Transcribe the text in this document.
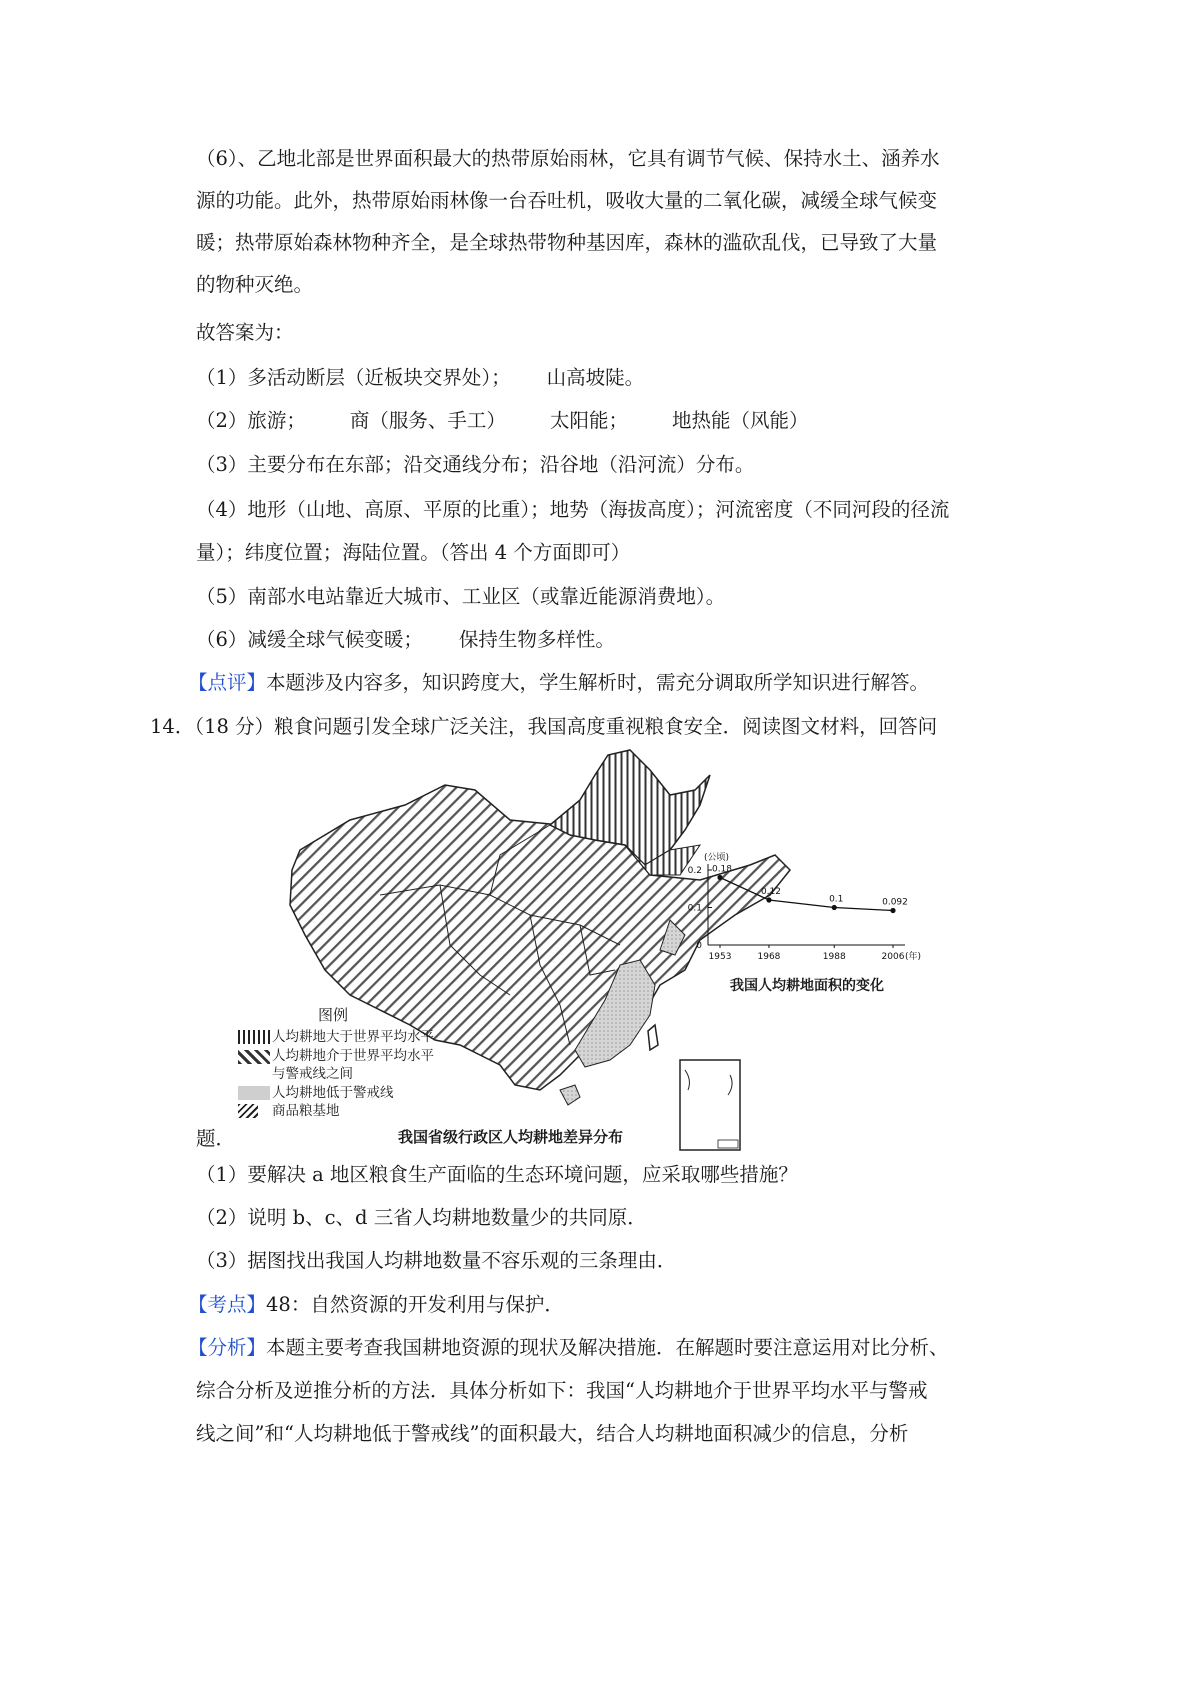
（6）、乙地北部是世界面积最大的热带原始雨林，它具有调节气候、保持水土、涵养水
源的功能。此外，热带原始雨林像一台吞吐机，吸收大量的二氧化碳，减缓全球气候变
暖；热带原始森林物种齐全，是全球热带物种基因库，森林的滥砍乱伐，已导致了大量
的物种灭绝。
故答案为：
（1）多活动断层（近板块交界处）； 山高坡陡。
（2）旅游； 商（服务、手工） 太阳能； 地热能（风能）
（3）主要分布在东部；沿交通线分布；沿谷地（沿河流）分布。
（4）地形（山地、高原、平原的比重）；地势（海拔高度）；河流密度（不同河段的径流
量）；纬度位置；海陆位置。（答出 4 个方面即可）
（5）南部水电站靠近大城市、工业区（或靠近能源消费地）。
（6）减缓全球气候变暖； 保持生物多样性。
【点评】本题涉及内容多，知识跨度大，学生解析时，需充分调取所学知识进行解答。
14．（18 分）粮食问题引发全球广泛关注，我国高度重视粮食安全．阅读图文材料，回答问
图例
人均耕地大于世界平均水平
人均耕地介于世界平均水平
与警戒线之间
人均耕地低于警戒线
商品粮基地
我国省级行政区人均耕地差异分布
(公顷)
0.2
0.1
0
0.18
1953
0.12
1968
0.1
1988
0.092
2006 (年)
我国人均耕地面积的变化
题．
（1）要解决 a 地区粮食生产面临的生态环境问题，应采取哪些措施？
（2）说明 b、c、d 三省人均耕地数量少的共同原．
（3）据图找出我国人均耕地数量不容乐观的三条理由．
【考点】48：自然资源的开发利用与保护．
【分析】本题主要考查我国耕地资源的现状及解决措施．在解题时要注意运用对比分析、
综合分析及逆推分析的方法．具体分析如下：我国“人均耕地介于世界平均水平与警戒
线之间”和“人均耕地低于警戒线”的面积最大，结合人均耕地面积减少的信息，分析
